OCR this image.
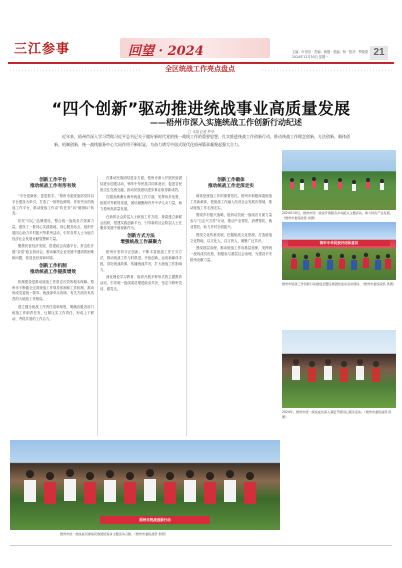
三江参事	回望 · 2024	主编：叶世乐 · 责编：黄继 · 美编：杨 · 校对：罗晓燕
2024年12月30日 星期一	21
全区统战工作亮点盘点
“四个创新”驱动推进统战事业高质量发展
——梧州市深入实施统战工作创新行动纪述
□ 本报记者 罗华
近年来，梧州市深入学习贯彻习近平总书记关于做好新时代党的统一战线工作的重要思想，扎实推进统战工作创新行动，推动统战工作理念创新、方法创新、载体创新、机制创新，统一战线服务中心大局作用不断彰显，为奋力谱写中国式现代化梧州篇章凝聚起强大合力。
创新工作平台
推动统战工作有形有效

“平台是载体，更是抓手。”梧州市委统战部坚持以平台建设为牵引，打造了一批特色鲜明、作用突出的统战工作平台，推动统战工作由“软任务”向“硬指标”转变。

依托“同心”品牌建设，整合统一战线各方资源力量，建设了一批同心实践基地、同心服务站点，组织开展同心助力乡村振兴等系列活动，引导各界人士为地方经济社会发展贡献智慧和力量。

聚焦民营经济发展，搭建政企沟通平台，常态化开展“亲清”政企恳谈会，推动解决企业发展中遇到的困难和问题，营造良好营商环境。

创新工作机制
推动统战工作提质增效

机制建设是推动统战工作常态长效的根本保障。梧州市不断健全完善统战工作领导体制和工作机制，推动形成党委统一领导、统战部牵头协调、有关方面各负其责的大统战工作格局。

建立健全统战工作责任清单制度，明确各级各部门统战工作职责任务，压紧压实工作责任，形成上下联动、齐抓共管的工作合力。

在推动民族团结进步方面，梧州市深入开展民族团结进步创建活动，铸牢中华民族共同体意识，促进各民族交往交流交融，推动民族团结进步事业取得新成效。

在服务港澳台海外统战工作方面，发挥侨乡优势，拓展对外联络渠道，团结凝聚海内外中华儿女力量，助力梧州高质量发展。

在新的社会阶层人士统战工作方面，探索建立新联会组织，搭建实践创新平台，引导新的社会阶层人士在服务发展中展现新作为。

创新方式方法
增强统战工作凝聚力

梧州市坚持守正创新，不断丰富统战工作方式方法，推动统战工作与时俱进、开拓创新。运用新媒体手段，讲好统战故事，传播统战声音，扩大统战工作影响力。

深化理论学习教育，组织开展多种形式的主题教育活动，引导统一战线成员增进政治共识，坚定不移听党话、跟党走。

创新工作载体
推动统战工作走深走实

载体是统战工作的重要依托。梧州市积极探索统战工作新载体，把统战工作融入经济社会发展各领域，推动统战工作走深走实。

围绕乡村振兴战略，组织动员统一战线各方面力量参与“万企兴万村”行动，推动产业帮扶、消费帮扶、就业帮扶，助力乡村全面振兴。

围绕文化传承发展，挖掘统战文化资源，打造统战文化阵地，以文化人、以文育人，凝聚广泛共识。

围绕基层治理，推动统战工作向基层延伸，发挥统一战线成员优势，积极参与基层社会治理，为建设平安梧州贡献力量。

2024年10月，梧州市统一战线开展服务乡村振兴主题活动，助力特色产业发展。（梧州市委统战部 供图）
铸牢中华民族共同体意识
梧州市统战工作创新行动推进会暨民族团结进步活动现场。（梧州市委统战部 供图）
2024年，梧州市统一战线成员深入基层开展同心服务活动。（梧州市委统战部 供图）
梧州市统战创新行动
梧州市统一战线成员参加民族团结进步主题活动合影。（梧州市委统战部 供图）
